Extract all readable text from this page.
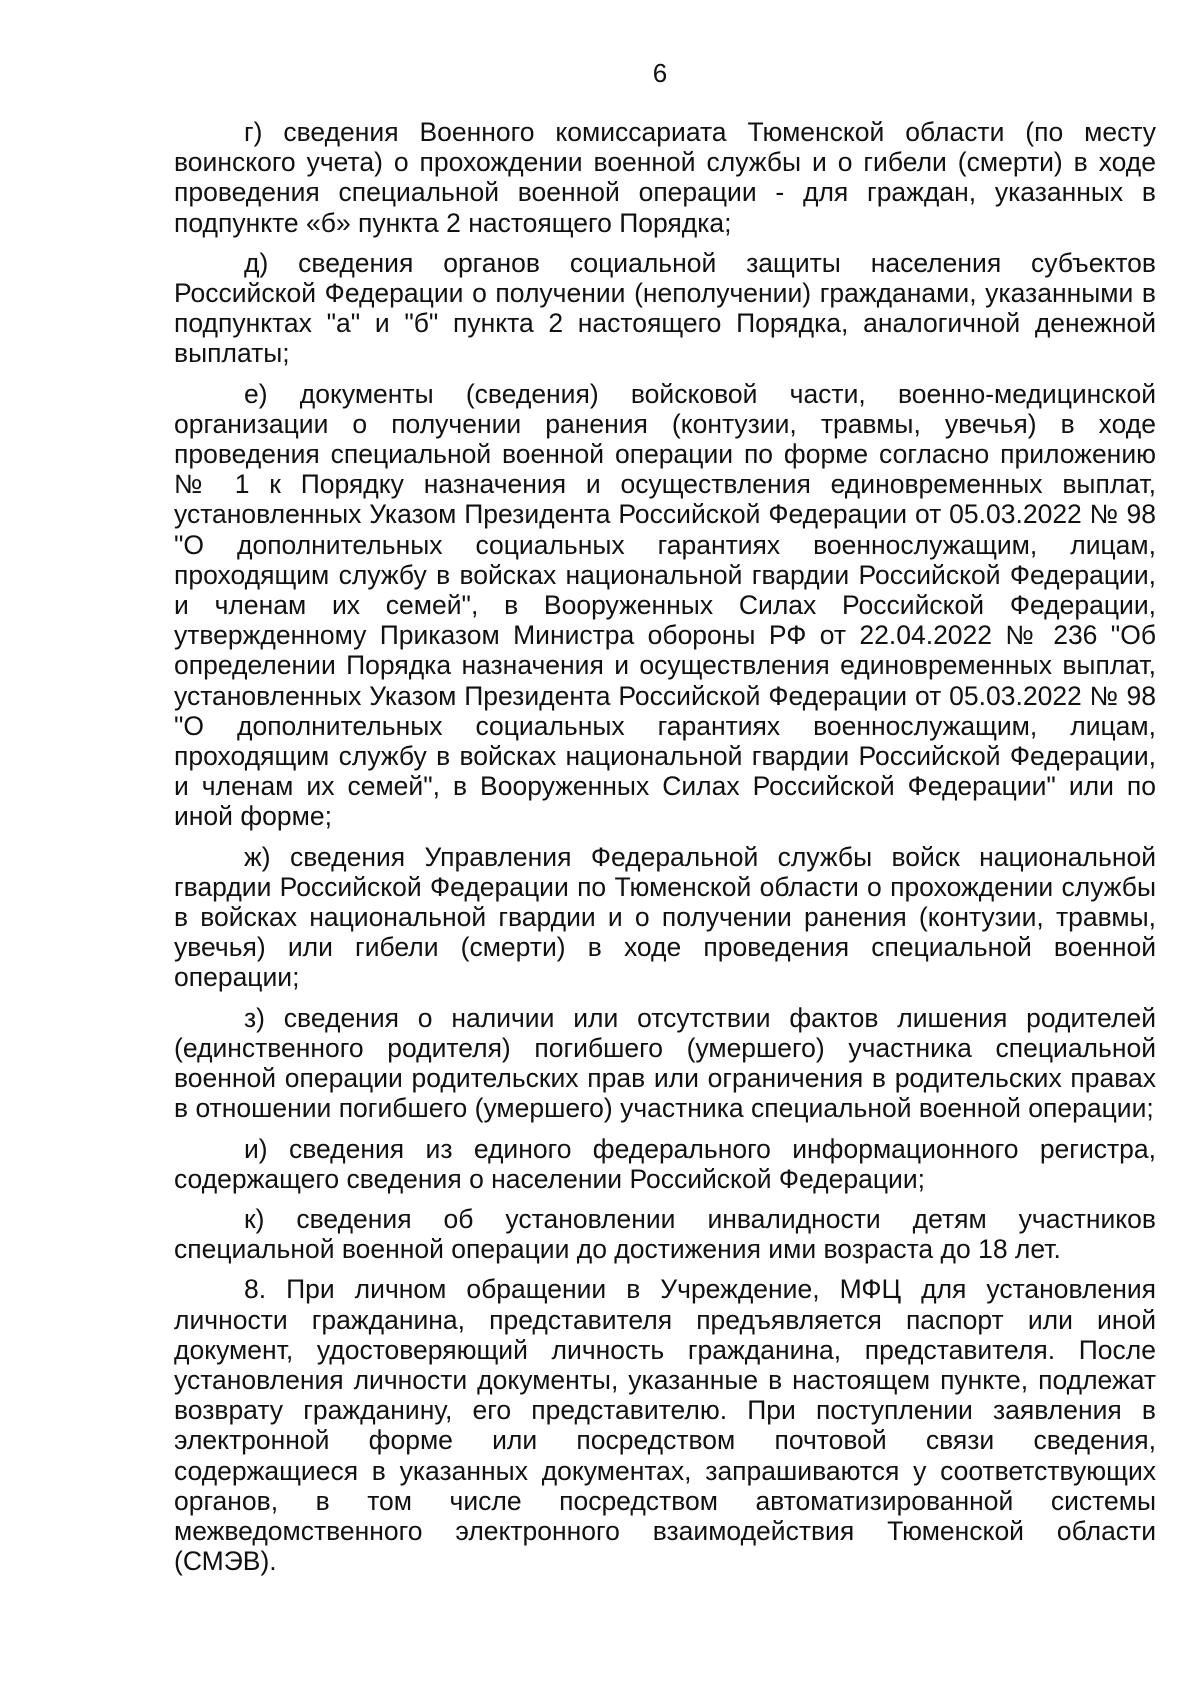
6

г) сведения Военного комиссариата Тюменской области (по месту воинского учета) о прохождении военной службы и о гибели (смерти) в ходе проведения специальной военной операции - для граждан, указанных в подпункте «б» пункта 2 настоящего Порядка;

д) сведения органов социальной защиты населения субъектов Российской Федерации о получении (неполучении) гражданами, указанными в подпунктах "а" и "б" пункта 2 настоящего Порядка, аналогичной денежной выплаты;

е) документы (сведения) войсковой части, военно-медицинской организации о получении ранения (контузии, травмы, увечья) в ходе проведения специальной военной операции по форме согласно приложению № 1 к Порядку назначения и осуществления единовременных выплат, установленных Указом Президента Российской Федерации от 05.03.2022 № 98 "О дополнительных социальных гарантиях военнослужащим, лицам, проходящим службу в войсках национальной гвардии Российской Федерации, и членам их семей", в Вооруженных Силах Российской Федерации, утвержденному Приказом Министра обороны РФ от 22.04.2022 № 236 "Об определении Порядка назначения и осуществления единовременных выплат, установленных Указом Президента Российской Федерации от 05.03.2022 № 98 "О дополнительных социальных гарантиях военнослужащим, лицам, проходящим службу в войсках национальной гвардии Российской Федерации, и членам их семей", в Вооруженных Силах Российской Федерации" или по иной форме;

ж) сведения Управления Федеральной службы войск национальной гвардии Российской Федерации по Тюменской области о прохождении службы в войсках национальной гвардии и о получении ранения (контузии, травмы, увечья) или гибели (смерти) в ходе проведения специальной военной операции;

з) сведения о наличии или отсутствии фактов лишения родителей (единственного родителя) погибшего (умершего) участника специальной военной операции родительских прав или ограничения в родительских правах в отношении погибшего (умершего) участника специальной военной операции;

и) сведения из единого федерального информационного регистра, содержащего сведения о населении Российской Федерации;

к) сведения об установлении инвалидности детям участников специальной военной операции до достижения ими возраста до 18 лет.

8. При личном обращении в Учреждение, МФЦ для установления личности гражданина, представителя предъявляется паспорт или иной документ, удостоверяющий личность гражданина, представителя. После установления личности документы, указанные в настоящем пункте, подлежат возврату гражданину, его представителю. При поступлении заявления в электронной форме или посредством почтовой связи сведения, содержащиеся в указанных документах, запрашиваются у соответствующих органов, в том числе посредством автоматизированной системы межведомственного электронного взаимодействия Тюменской области (СМЭВ).
